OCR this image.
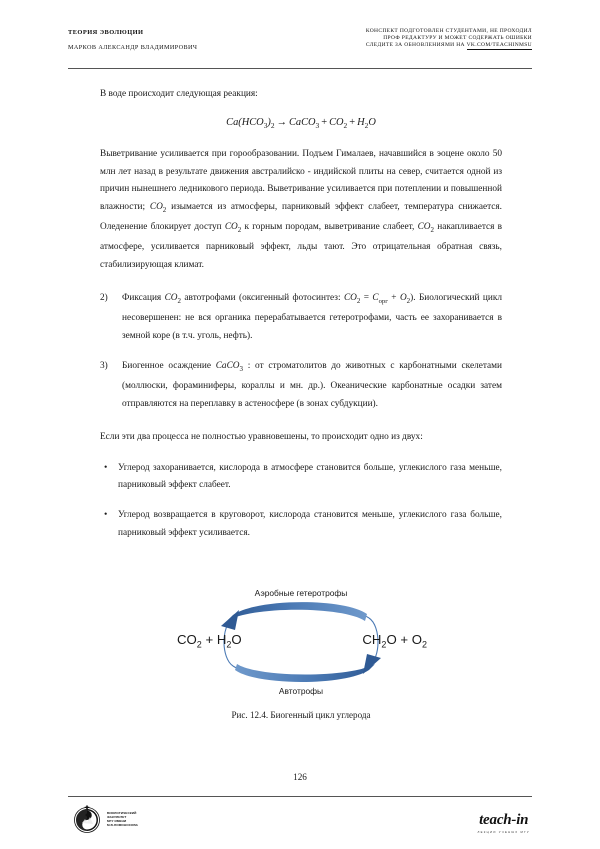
ТЕОРИЯ ЭВОЛЮЦИИ
МАРКОВ АЛЕКСАНДР ВЛАДИМИРОВИЧ
КОНСПЕКТ ПОДГОТОВЛЕН СТУДЕНТАМИ, НЕ ПРОХОДИЛ
ПРОФ РЕДАКТУРУ И МОЖЕТ СОДЕРЖАТЬ ОШИБКИ
СЛЕДИТЕ ЗА ОБНОВЛЕНИЯМИ НА VK.COM/TEACHINMSU

В воде происходит следующая реакция:

$Ca(HCO_3)_2$ → CaCO$_3$ + $CO_2 + H_2O$

Выветривание усиливается при горообразовании. Подъем Гималаев, начавшийся в эоцене около 50 млн лет назад в результате движения австралийско - индийской плиты на север, считается одной из причин нынешнего ледникового периода. Выветривание усиливается при потеплении и повышенной влажности; $CO_2$ изымается из атмосферы, парниковый эффект слабеет, температура снижается. Оледенение блокирует доступ $CO_2$ к горным породам, выветривание слабеет, $CO_2$ накапливается в атмосфере, усиливается парниковый эффект, льды тают. Это отрицательная обратная связь, стабилизирующая климат.

2)	Фиксация $CO_2$ автотрофами (оксигенный фотосинтез: $CO_2 = C_{орг} + O_2$). Биологический цикл несовершенен: не вся органика перерабатывается гетеротрофами, часть ее захоранивается в земной коре (в т.ч. уголь, нефть).
3)	Биогенное осаждение CaCO$_3$ : от строматолитов до животных с карбонатными скелетами (моллюски, фораминиферы, кораллы и мн. др.). Океанические карбонатные осадки затем отправляются на переплавку в астеносфере (в зонах субдукции).

Если эти два процесса не полностью уравновешены, то происходит одно из двух:

• Углерод захоранивается, кислорода в атмосфере становится больше, углекислого газа меньше, парниковый эффект слабеет.
• Углерод возвращается в круговорот, кислорода становится меньше, углекислого газа больше, парниковый эффект усиливается.
Аэробные гетеротрофы
$CO_2 + H_2O$	$CH_2O + O_2$
Автотрофы
Рис. 12.4. Биогенный цикл углерода
126
БИОЛОГИЧЕСКИЙ
ФАКУЛЬТЕТ
МГУ ИМЕНИ
М.В.ЛОМОНОСОВА	teach-in
ЛЕКЦИИ УЧЕНЫХ МГУ
